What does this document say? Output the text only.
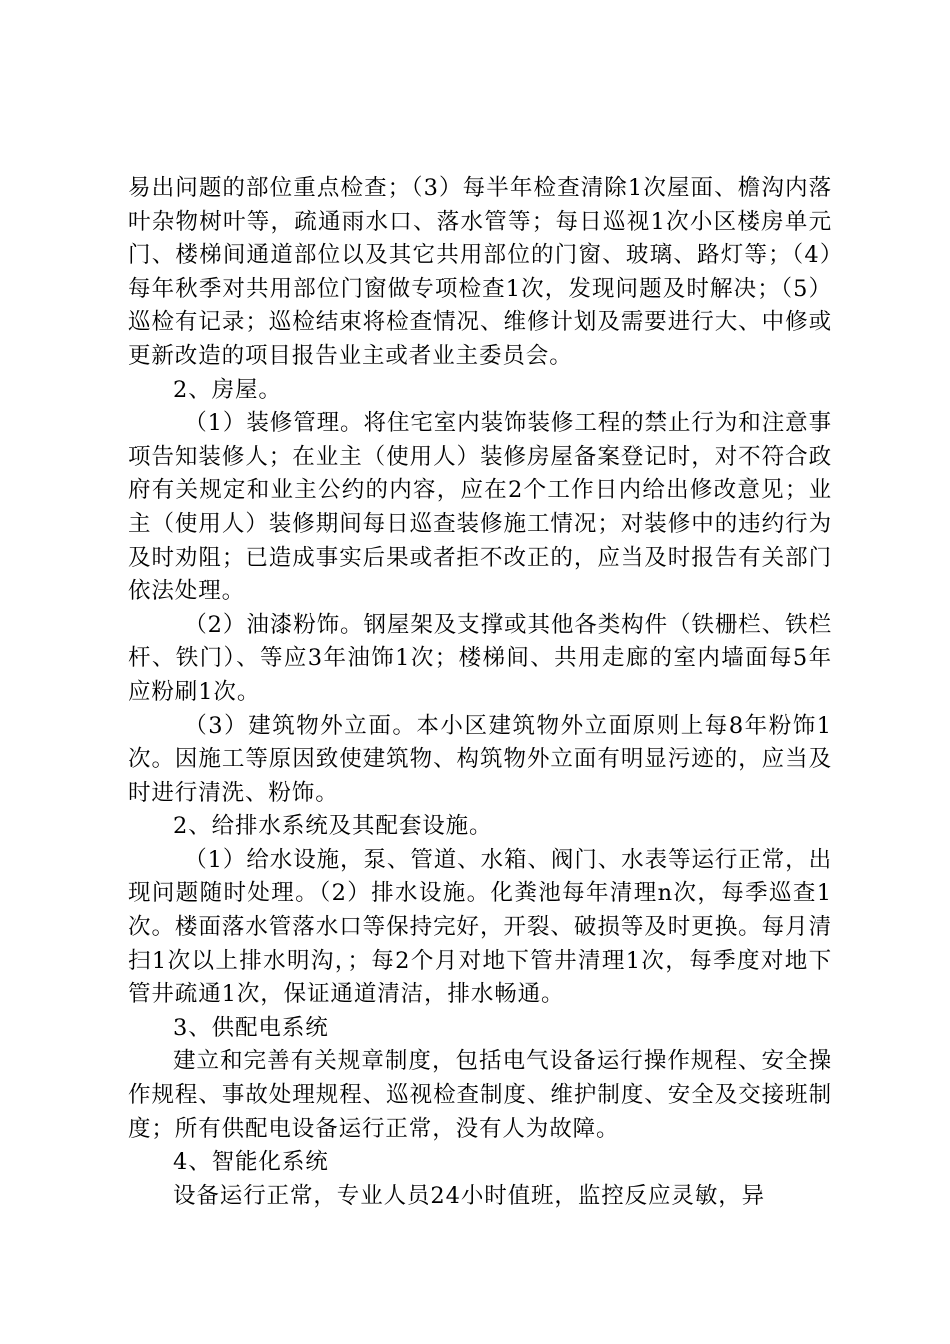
易出问题的部位重点检查；（3）每半年检查清除1次屋面、檐沟内落叶杂物树叶等，疏通雨水口、落水管等；每日巡视1次小区楼房单元门、楼梯间通道部位以及其它共用部位的门窗、玻璃、路灯等；（4）每年秋季对共用部位门窗做专项检查1次，发现问题及时解决；（5）巡检有记录；巡检结束将检查情况、维修计划及需要进行大、中修或更新改造的项目报告业主或者业主委员会。

2、房屋。

（1）装修管理。将住宅室内装饰装修工程的禁止行为和注意事项告知装修人；在业主（使用人）装修房屋备案登记时，对不符合政府有关规定和业主公约的内容，应在2个工作日内给出修改意见；业主（使用人）装修期间每日巡查装修施工情况；对装修中的违约行为及时劝阻；已造成事实后果或者拒不改正的，应当及时报告有关部门依法处理。

（2）油漆粉饰。钢屋架及支撑或其他各类构件（铁栅栏、铁栏杆、铁门）、等应3年油饰1次；楼梯间、共用走廊的室内墙面每5年应粉刷1次。

（3）建筑物外立面。本小区建筑物外立面原则上每8年粉饰1次。因施工等原因致使建筑物、构筑物外立面有明显污迹的，应当及时进行清洗、粉饰。

2、给排水系统及其配套设施。

（1）给水设施，泵、管道、水箱、阀门、水表等运行正常，出现问题随时处理。（2）排水设施。化粪池每年清理n次，每季巡查1次。楼面落水管落水口等保持完好，开裂、破损等及时更换。每月清扫1次以上排水明沟，；每2个月对地下管井清理1次，每季度对地下管井疏通1次，保证通道清洁，排水畅通。

3、供配电系统

建立和完善有关规章制度，包括电气设备运行操作规程、安全操作规程、事故处理规程、巡视检查制度、维护制度、安全及交接班制度；所有供配电设备运行正常，没有人为故障。

4、智能化系统

设备运行正常，专业人员24小时值班，监控反应灵敏，异
